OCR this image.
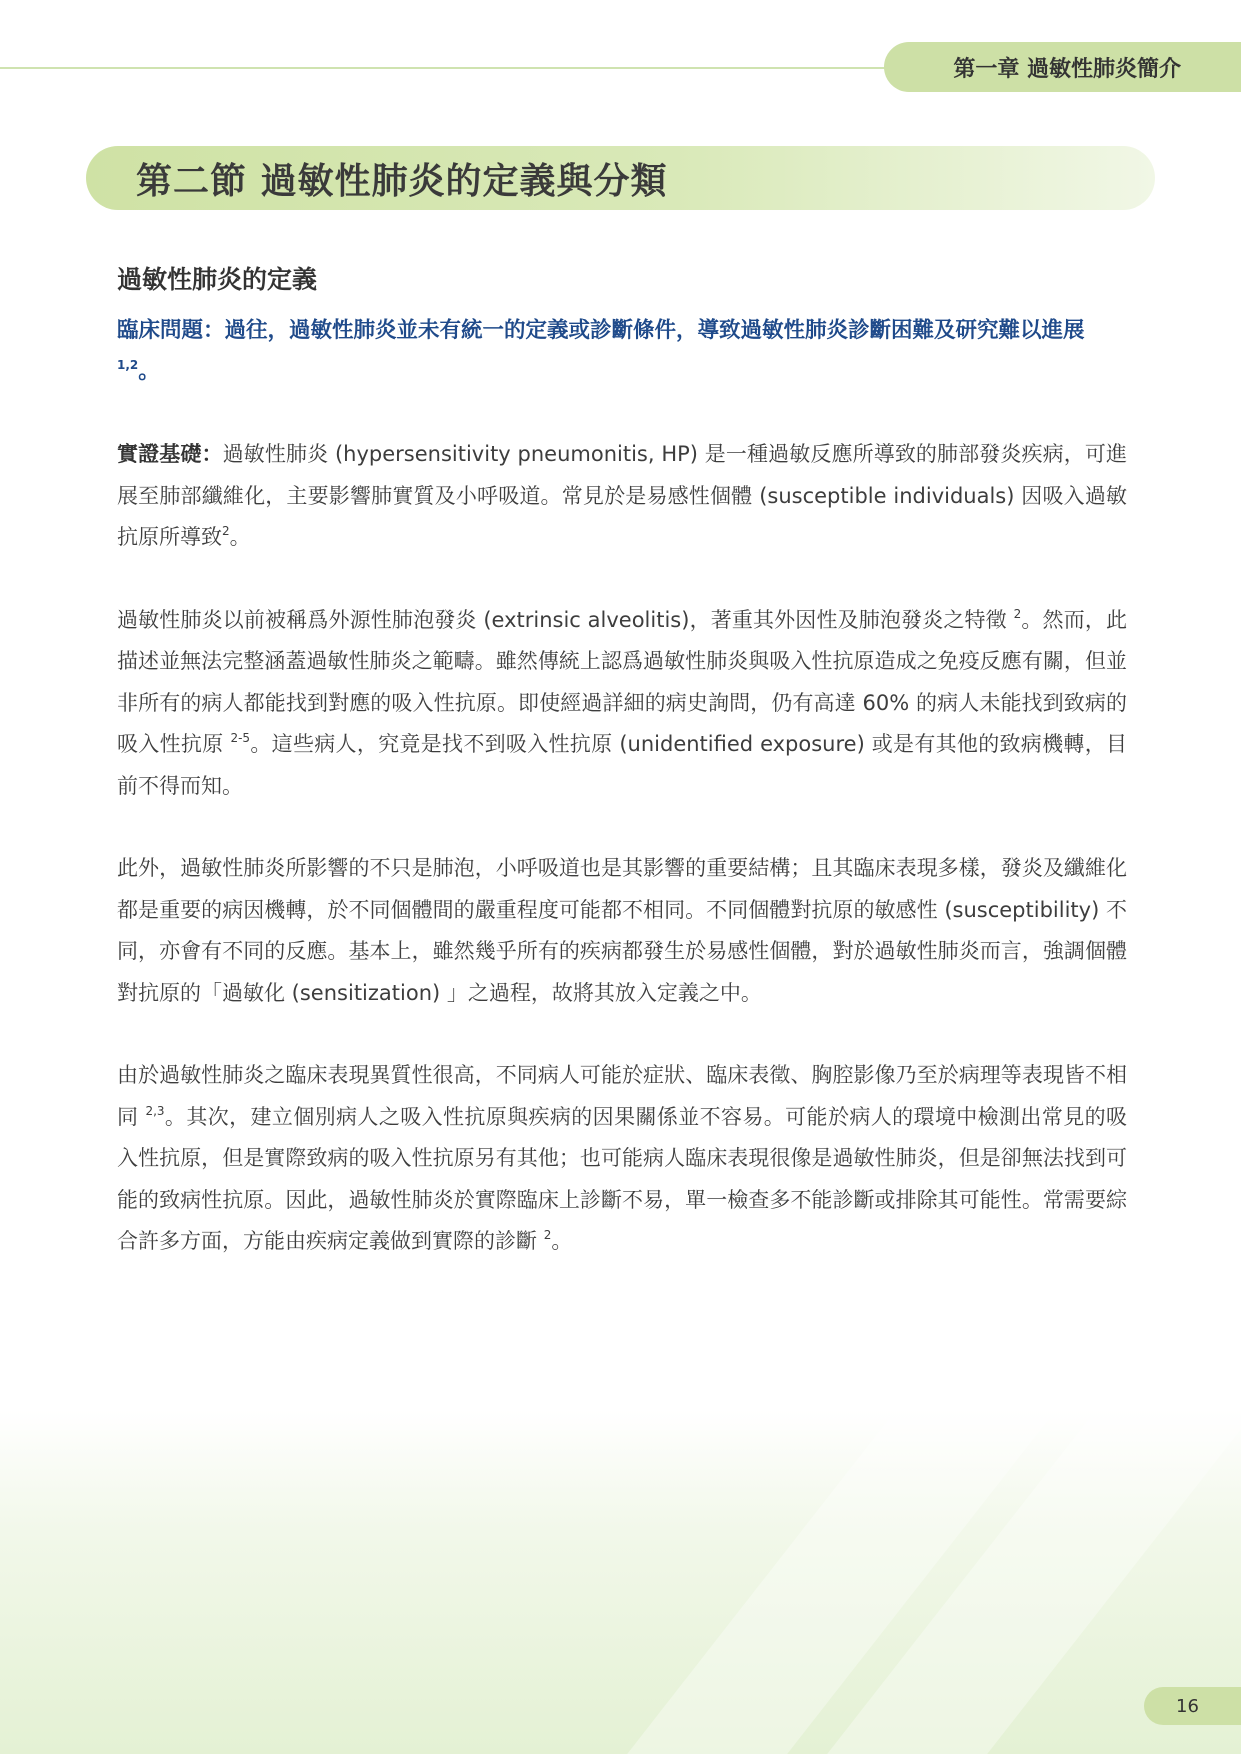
第一章 過敏性肺炎簡介
第二節 過敏性肺炎的定義與分類
過敏性肺炎的定義

臨床問題：過往，過敏性肺炎並未有統一的定義或診斷條件，導致過敏性肺炎診斷困難及研究難以進展$^{1,2}$。

實證基礎：過敏性肺炎 (hypersensitivity pneumonitis, HP) 是一種過敏反應所導致的肺部發炎疾病，可進展至肺部纖維化，主要影響肺實質及小呼吸道。常見於是易感性個體 (susceptible individuals) 因吸入過敏抗原所導致$^2$。

過敏性肺炎以前被稱爲外源性肺泡發炎 (extrinsic alveolitis)，著重其外因性及肺泡發炎之特徵 $^2$。然而，此描述並無法完整涵蓋過敏性肺炎之範疇。雖然傳統上認爲過敏性肺炎與吸入性抗原造成之免疫反應有關，但並非所有的病人都能找到對應的吸入性抗原。即使經過詳細的病史詢問，仍有高達 60% 的病人未能找到致病的吸入性抗原 $^{2-5}$。這些病人，究竟是找不到吸入性抗原 (unidentified exposure) 或是有其他的致病機轉，目前不得而知。

此外，過敏性肺炎所影響的不只是肺泡，小呼吸道也是其影響的重要結構；且其臨床表現多樣，發炎及纖維化都是重要的病因機轉，於不同個體間的嚴重程度可能都不相同。不同個體對抗原的敏感性 (susceptibility) 不同，亦會有不同的反應。基本上，雖然幾乎所有的疾病都發生於易感性個體，對於過敏性肺炎而言，強調個體對抗原的「過敏化 (sensitization) 」之過程，故將其放入定義之中。

由於過敏性肺炎之臨床表現異質性很高，不同病人可能於症狀、臨床表徵、胸腔影像乃至於病理等表現皆不相同 $^{2,3}$。其次，建立個別病人之吸入性抗原與疾病的因果關係並不容易。可能於病人的環境中檢測出常見的吸入性抗原，但是實際致病的吸入性抗原另有其他；也可能病人臨床表現很像是過敏性肺炎，但是卻無法找到可能的致病性抗原。因此，過敏性肺炎於實際臨床上診斷不易，單一檢查多不能診斷或排除其可能性。常需要綜合許多方面，方能由疾病定義做到實際的診斷 $^2$。

16
